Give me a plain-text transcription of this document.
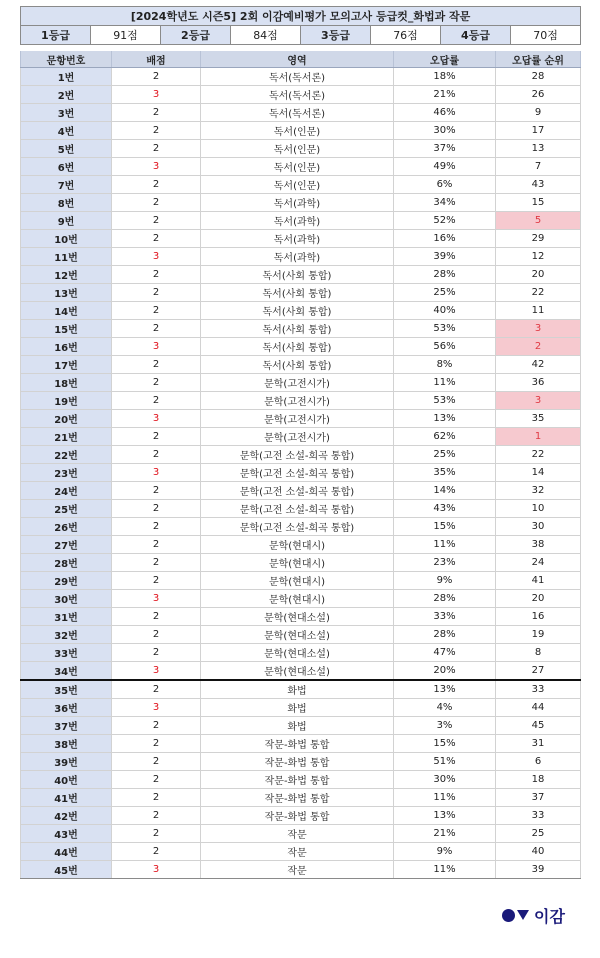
[2024학년도 시즌5] 2회 이감예비평가 모의고사 등급컷_화법과 작문
1등급	91점	2등급	84점	3등급	76점	4등급	70점
문항번호	배점	영역	오답률	오답률 순위
1번	2	독서(독서론)	18%	28
2번	3	독서(독서론)	21%	26
3번	2	독서(독서론)	46%	9
4번	2	독서(인문)	30%	17
5번	2	독서(인문)	37%	13
6번	3	독서(인문)	49%	7
7번	2	독서(인문)	6%	43
8번	2	독서(과학)	34%	15
9번	2	독서(과학)	52%	5
10번	2	독서(과학)	16%	29
11번	3	독서(과학)	39%	12
12번	2	독서(사회 통합)	28%	20
13번	2	독서(사회 통합)	25%	22
14번	2	독서(사회 통합)	40%	11
15번	2	독서(사회 통합)	53%	3
16번	3	독서(사회 통합)	56%	2
17번	2	독서(사회 통합)	8%	42
18번	2	문학(고전시가)	11%	36
19번	2	문학(고전시가)	53%	3
20번	3	문학(고전시가)	13%	35
21번	2	문학(고전시가)	62%	1
22번	2	문학(고전 소설-희곡 통합)	25%	22
23번	3	문학(고전 소설-희곡 통합)	35%	14
24번	2	문학(고전 소설-희곡 통합)	14%	32
25번	2	문학(고전 소설-희곡 통합)	43%	10
26번	2	문학(고전 소설-희곡 통합)	15%	30
27번	2	문학(현대시)	11%	38
28번	2	문학(현대시)	23%	24
29번	2	문학(현대시)	9%	41
30번	3	문학(현대시)	28%	20
31번	2	문학(현대소설)	33%	16
32번	2	문학(현대소설)	28%	19
33번	2	문학(현대소설)	47%	8
34번	3	문학(현대소설)	20%	27
35번	2	화법	13%	33
36번	3	화법	4%	44
37번	2	화법	3%	45
38번	2	작문-화법 통합	15%	31
39번	2	작문-화법 통합	51%	6
40번	2	작문-화법 통합	30%	18
41번	2	작문-화법 통합	11%	37
42번	2	작문-화법 통합	13%	33
43번	2	작문	21%	25
44번	2	작문	9%	40
45번	3	작문	11%	39
이감
